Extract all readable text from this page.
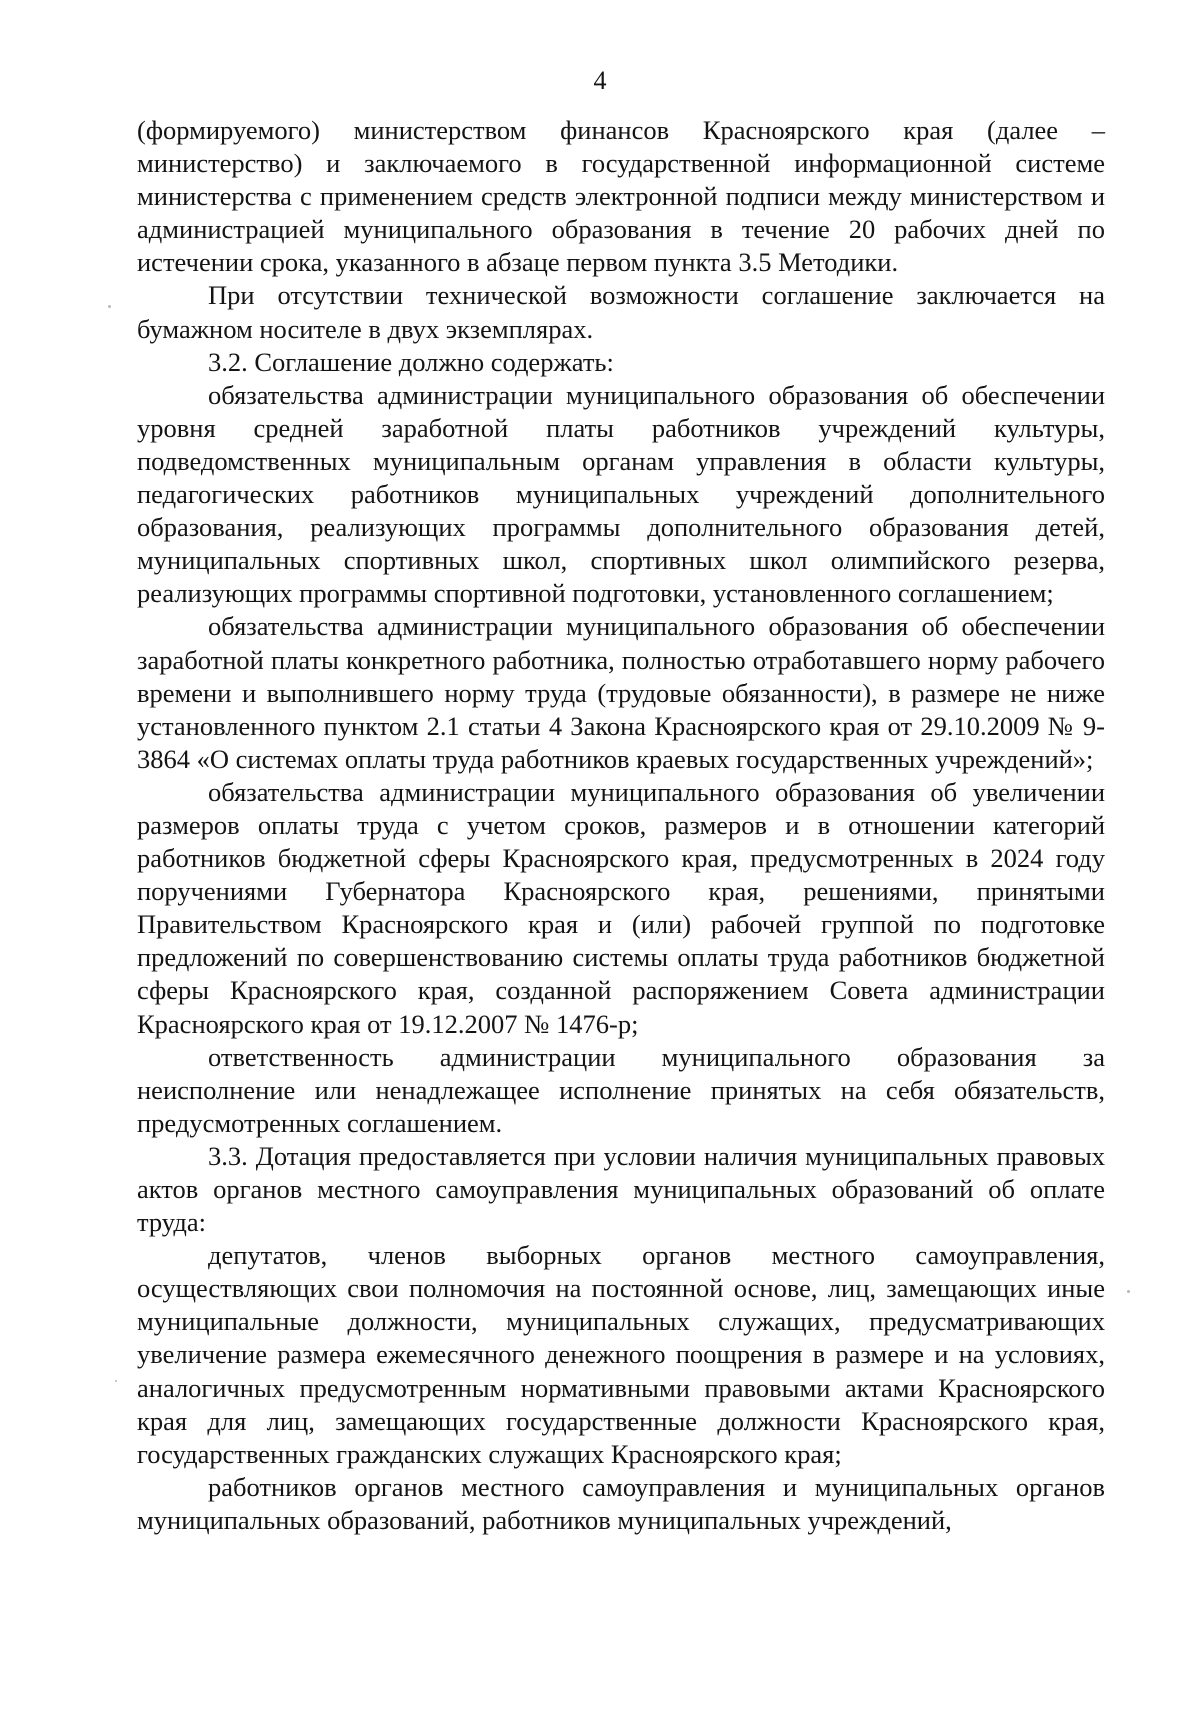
4

(формируемого) министерством финансов Красноярского края (далее – министерство) и заключаемого в государственной информационной системе министерства с применением средств электронной подписи между министерством и администрацией муниципального образования в течение 20 рабочих дней по истечении срока, указанного в абзаце первом пункта 3.5 Методики.

При отсутствии технической возможности соглашение заключается на бумажном носителе в двух экземплярах.

3.2. Соглашение должно содержать:

обязательства администрации муниципального образования об обеспечении уровня средней заработной платы работников учреждений культуры, подведомственных муниципальным органам управления в области культуры, педагогических работников муниципальных учреждений дополнительного образования, реализующих программы дополнительного образования детей, муниципальных спортивных школ, спортивных школ олимпийского резерва, реализующих программы спортивной подготовки, установленного соглашением;

обязательства администрации муниципального образования об обеспечении заработной платы конкретного работника, полностью отработавшего норму рабочего времени и выполнившего норму труда (трудовые обязанности), в размере не ниже установленного пунктом 2.1 статьи 4 Закона Красноярского края от 29.10.2009 № 9-3864 «О системах оплаты труда работников краевых государственных учреждений»;

обязательства администрации муниципального образования об увеличении размеров оплаты труда с учетом сроков, размеров и в отношении категорий работников бюджетной сферы Красноярского края, предусмотренных в 2024 году поручениями Губернатора Красноярского края, решениями, принятыми Правительством Красноярского края и (или) рабочей группой по подготовке предложений по совершенствованию системы оплаты труда работников бюджетной сферы Красноярского края, созданной распоряжением Совета администрации Красноярского края от 19.12.2007 № 1476-р;

ответственность администрации муниципального образования за неисполнение или ненадлежащее исполнение принятых на себя обязательств, предусмотренных соглашением.

3.3. Дотация предоставляется при условии наличия муниципальных правовых актов органов местного самоуправления муниципальных образований об оплате труда:

депутатов, членов выборных органов местного самоуправления, осуществляющих свои полномочия на постоянной основе, лиц, замещающих иные муниципальные должности, муниципальных служащих, предусматривающих увеличение размера ежемесячного денежного поощрения в размере и на условиях, аналогичных предусмотренным нормативными правовыми актами Красноярского края для лиц, замещающих государственные должности Красноярского края, государственных гражданских служащих Красноярского края;

работников органов местного самоуправления и муниципальных органов муниципальных образований, работников муниципальных учреждений,
